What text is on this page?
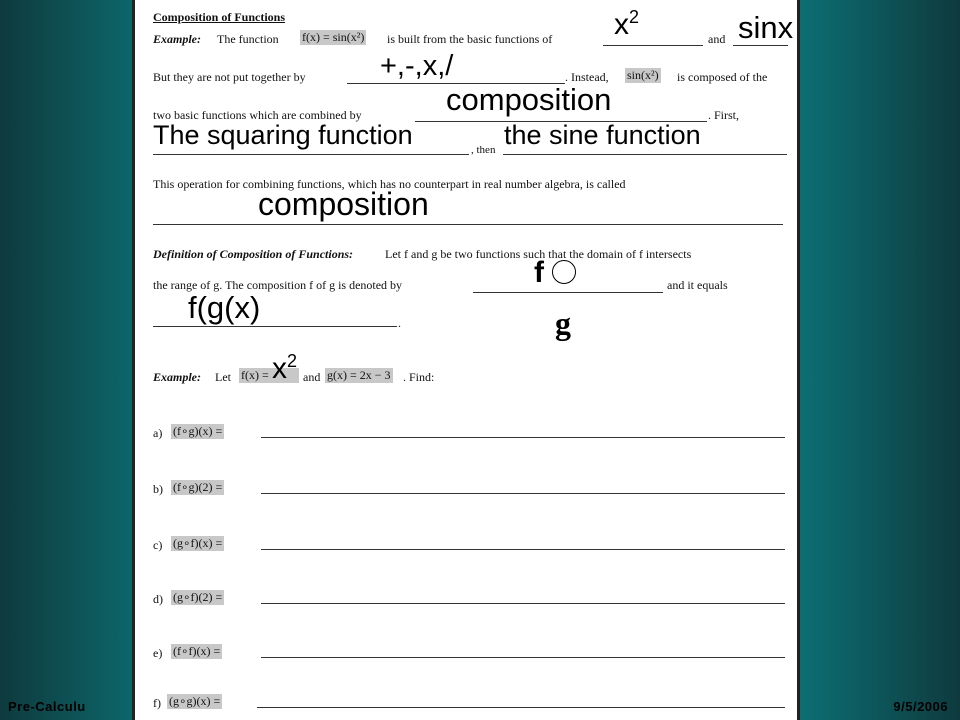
Composition of Functions
Example: The function f(x) = sin(x²) is built from the basic functions of	and
But they are not put together by	. Instead, sin(x²) is composed of the
two basic functions which are combined by	. First,
, then
This operation for combining functions, which has no counterpart in real number algebra, is called
Definition of Composition of Functions:	Let f and g be two functions such that the domain of f intersects
the range of g. The composition f of g is denoted by	and it equals
.
Example: Let f(x) =	and g(x) = 2x − 3 . Find:
a) (f∘g)(x) =
b) (f∘g)(2) =
c) (g∘f)(x) =
d) (g∘f)(2) =
e) (f∘f)(x) =
f) (g∘g)(x) =
$x^2$	sinx
+,-,x,/
composition
The squaring function	the sine function
composition
f
g
f(g(x)
$x^2$
Pre-Calculu	9/5/2006
